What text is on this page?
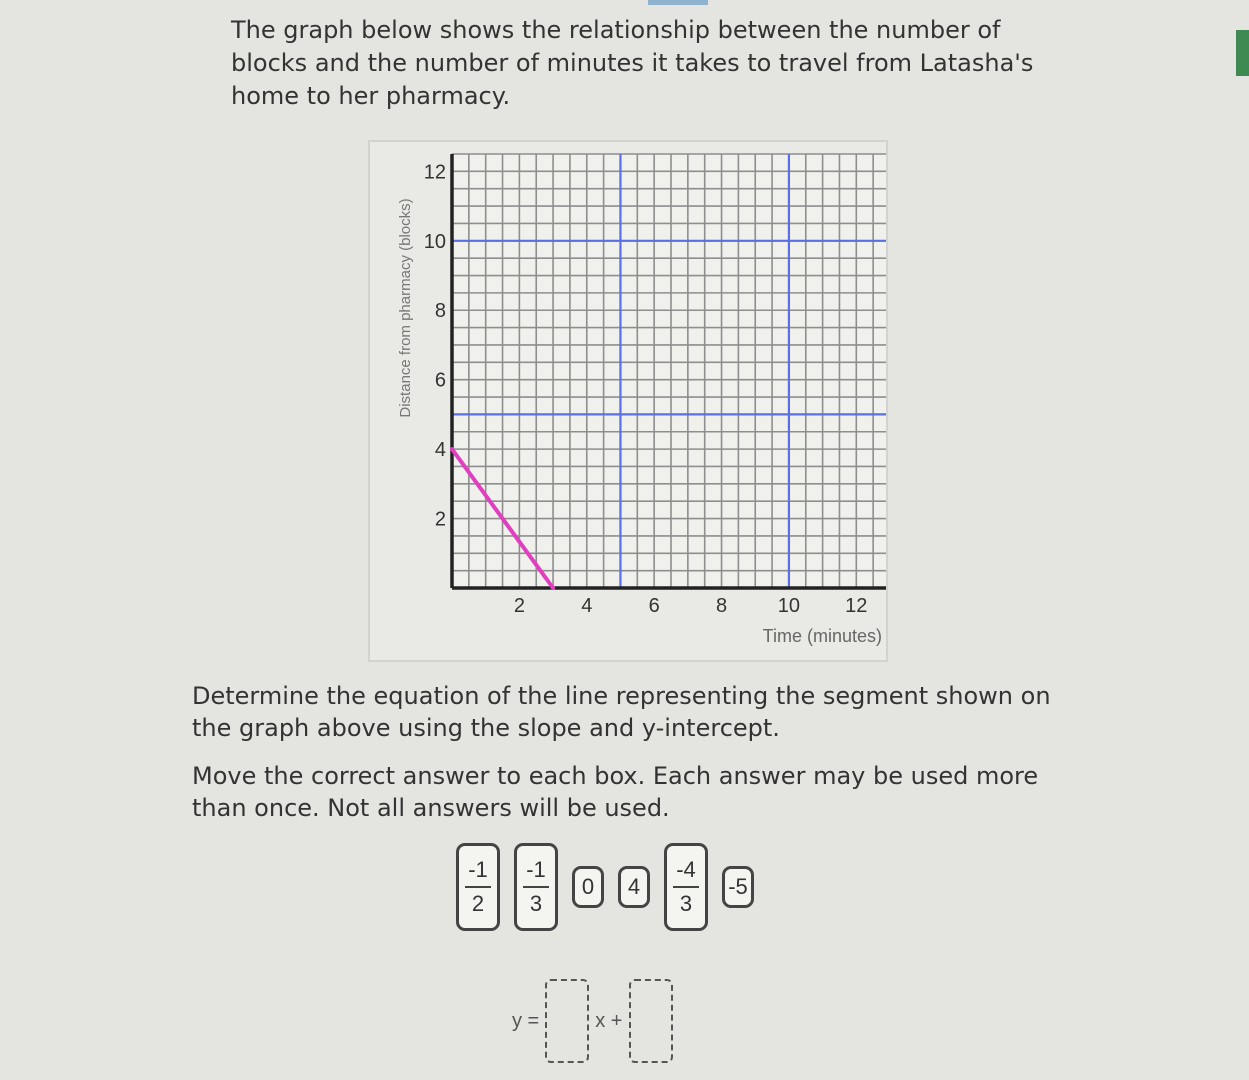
The graph below shows the relationship between the number of blocks and the number of minutes it takes to travel from Latasha's home to her pharmacy.
2	4	6	8	10 12
2
4
6
8
10
12
Time (minutes)
Distance from pharmacy (blocks)
Determine the equation of the line representing the segment shown on the graph above using the slope and y-intercept.
Move the correct answer to each box. Each answer may be used more than once. Not all answers will be used.
$\frac{-1}{2} \frac{-1}{3} 0$ $4 \frac{-4}{3} -5$
y =	x +
